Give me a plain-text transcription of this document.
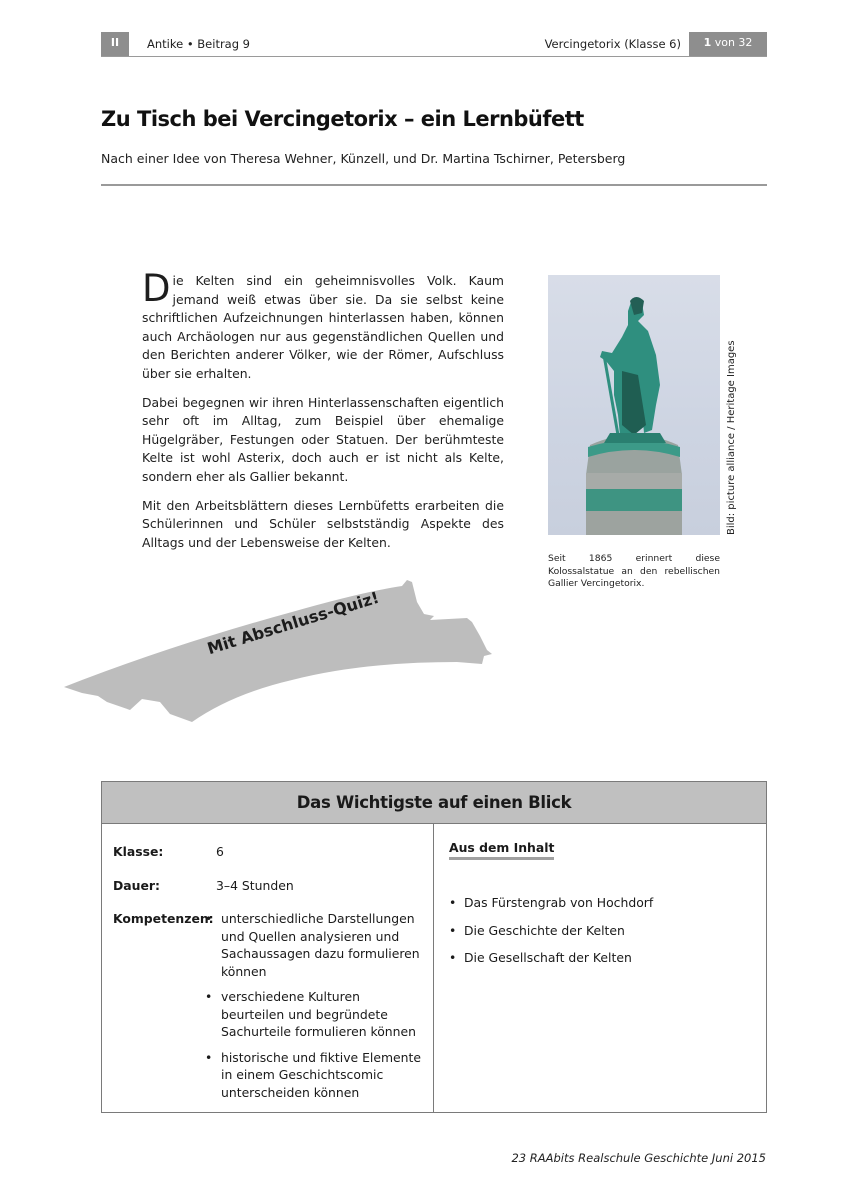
II	Antike • Beitrag 9	Vercingetorix (Klasse 6)	1 von 32
Zu Tisch bei Vercingetorix – ein Lernbüfett
Nach einer Idee von Theresa Wehner, Künzell, und Dr. Martina Tschirner, Petersberg

Die Kelten sind ein geheimnisvolles Volk. Kaum jemand weiß etwas über sie. Da sie selbst keine schriftlichen Aufzeichnungen hinterlassen haben, können auch Archäologen nur aus gegenständlichen Quellen und den Berichten anderer Völker, wie der Römer, Aufschluss über sie erhalten.

Dabei begegnen wir ihren Hinterlassenschaften eigentlich sehr oft im Alltag, zum Beispiel über ehemalige Hügelgräber, Festungen oder Statuen. Der berühmteste Kelte ist wohl Asterix, doch auch er ist nicht als Kelte, sondern eher als Gallier bekannt.

Mit den Arbeitsblättern dieses Lernbüfetts erarbeiten die Schülerinnen und Schüler selbstständig Aspekte des Alltags und der Lebensweise der Kelten.

Bild: picture alliance / Heritage Images
Seit 1865 erinnert diese Kolossalstatue an den rebellischen Gallier Vercingetorix.
Mit Abschluss-Quiz!
Das Wichtigste auf einen Blick
Klasse:	6
Dauer:	3–4 Stunden
Kompetenzen: • unterschiedliche Darstellungen und Quellen analysieren und Sachaussagen dazu formulieren können
• verschiedene Kulturen beurteilen und begründete Sachurteile formulieren können
• historische und fiktive Elemente in einem Geschichtscomic unterscheiden können
Aus dem Inhalt
• Das Fürstengrab von Hochdorf
• Die Geschichte der Kelten
• Die Gesellschaft der Kelten
23 RAAbits Realschule Geschichte Juni 2015
